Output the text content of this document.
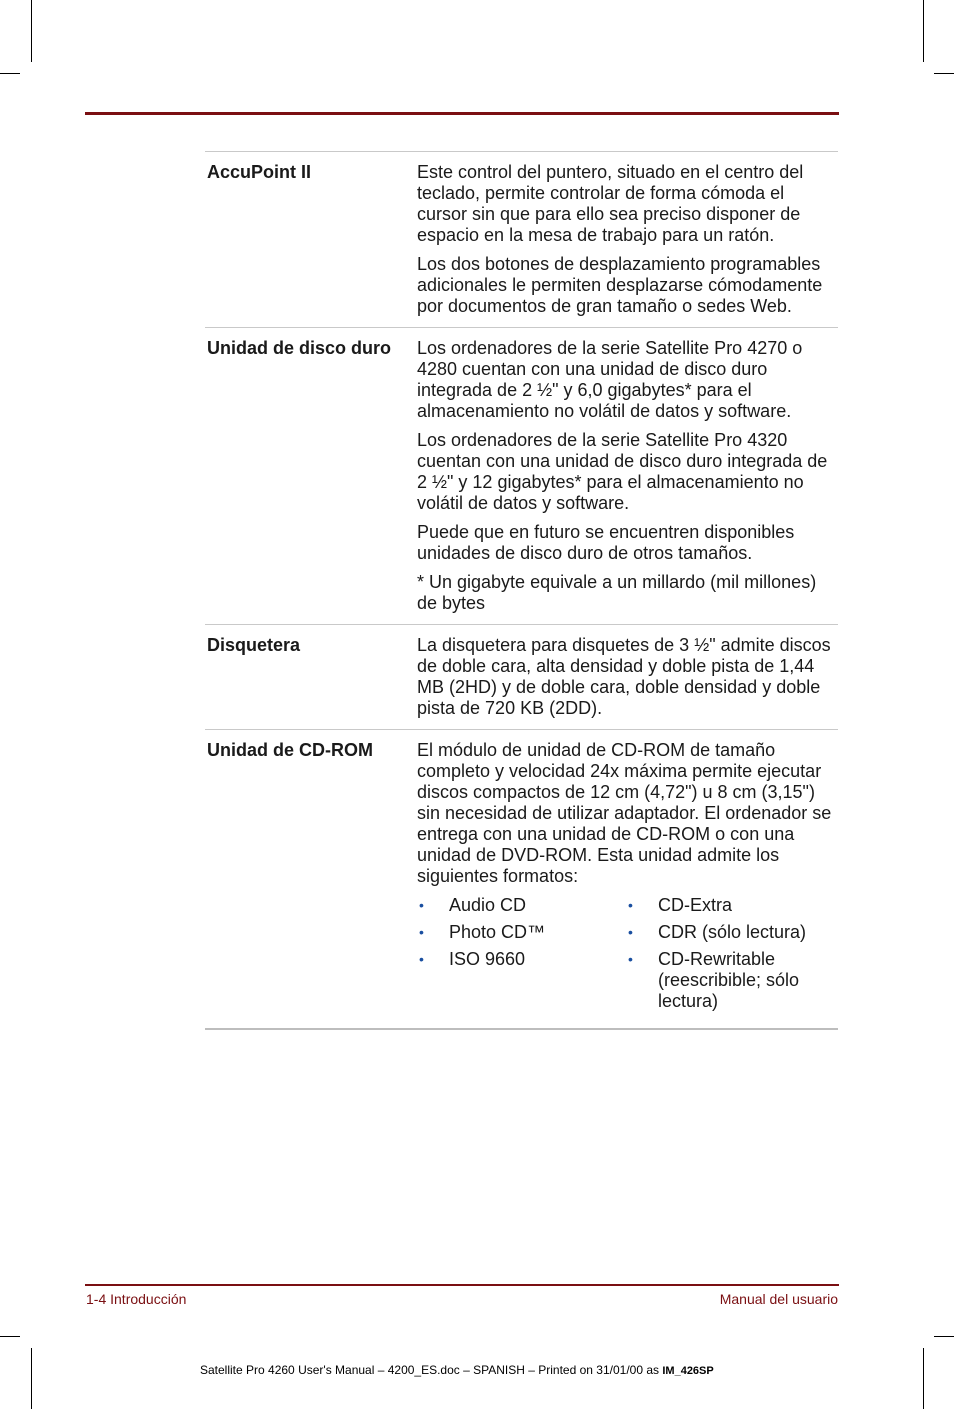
AccuPoint II	Este control del puntero, situado en el centro del teclado, permite controlar de forma cómoda el cursor sin que para ello sea preciso disponer de espacio en la mesa de trabajo para un ratón.

Los dos botones de desplazamiento programables adicionales le permiten desplazarse cómodamente por documentos de gran tamaño o sedes Web.

Unidad de disco duro	Los ordenadores de la serie Satellite Pro 4270 o 4280 cuentan con una unidad de disco duro integrada de 2 ½" y 6,0 gigabytes* para el almacenamiento no volátil de datos y software.

Los ordenadores de la serie Satellite Pro 4320 cuentan con una unidad de disco duro integrada de 2 ½" y 12 gigabytes* para el almacenamiento no volátil de datos y software.

Puede que en futuro se encuentren disponibles unidades de disco duro de otros tamaños.

* Un gigabyte equivale a un millardo (mil millones) de bytes

Disquetera	La disquetera para disquetes de 3 ½" admite discos de doble cara, alta densidad y doble pista de 1,44 MB (2HD) y de doble cara, doble densidad y doble pista de 720 KB (2DD).

Unidad de CD-ROM	El módulo de unidad de CD-ROM de tamaño completo y velocidad 24x máxima permite ejecutar discos compactos de 12 cm (4,72") u 8 cm (3,15") sin necesidad de utilizar adaptador. El ordenador se entrega con una unidad de CD-ROM o con una unidad de DVD-ROM. Esta unidad admite los siguientes formatos:

•	Audio CD
•	Photo CD™
•	ISO 9660
•	CD-Extra
•	CDR (sólo lectura)
•	CD-Rewritable (reescribible; sólo lectura)
1-4 Introducción	Manual del usuario
Satellite Pro 4260 User's Manual – 4200_ES.doc – SPANISH – Printed on 31/01/00 as IM_426SP
